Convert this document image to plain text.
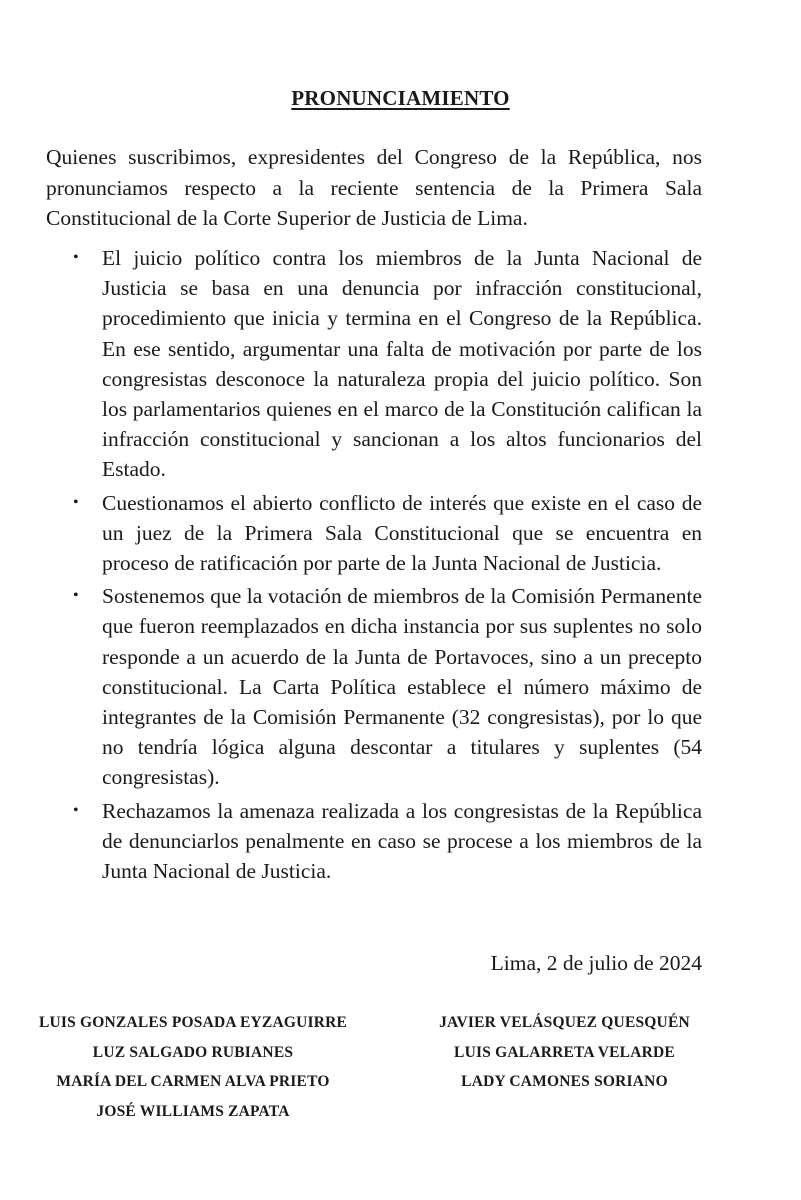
PRONUNCIAMIENTO

Quienes suscribimos, expresidentes del Congreso de la República, nos pronunciamos respecto a la reciente sentencia de la Primera Sala Constitucional de la Corte Superior de Justicia de Lima.

• El juicio político contra los miembros de la Junta Nacional de Justicia se basa en una denuncia por infracción constitucional, procedimiento que inicia y termina en el Congreso de la República. En ese sentido, argumentar una falta de motivación por parte de los congresistas desconoce la naturaleza propia del juicio político. Son los parlamentarios quienes en el marco de la Constitución califican la infracción constitucional y sancionan a los altos funcionarios del Estado.
• Cuestionamos el abierto conflicto de interés que existe en el caso de un juez de la Primera Sala Constitucional que se encuentra en proceso de ratificación por parte de la Junta Nacional de Justicia.
• Sostenemos que la votación de miembros de la Comisión Permanente que fueron reemplazados en dicha instancia por sus suplentes no solo responde a un acuerdo de la Junta de Portavoces, sino a un precepto constitucional. La Carta Política establece el número máximo de integrantes de la Comisión Permanente (32 congresistas), por lo que no tendría lógica alguna descontar a titulares y suplentes (54 congresistas).
• Rechazamos la amenaza realizada a los congresistas de la República de denunciarlos penalmente en caso se procese a los miembros de la Junta Nacional de Justicia.
Lima, 2 de julio de 2024
LUIS GONZALES POSADA EYZAGUIRRE
LUZ SALGADO RUBIANES
MARÍA DEL CARMEN ALVA PRIETO
JOSÉ WILLIAMS ZAPATA
JAVIER VELÁSQUEZ QUESQUÉN
LUIS GALARRETA VELARDE
LADY CAMONES SORIANO
